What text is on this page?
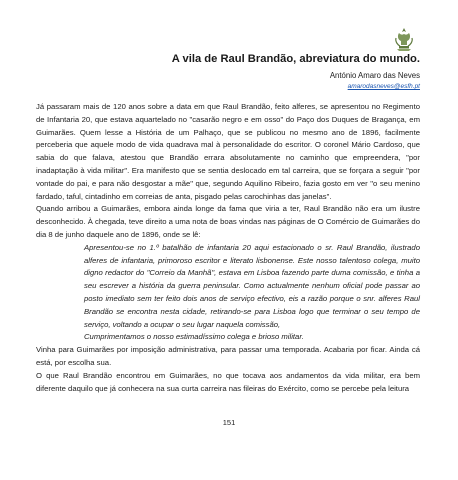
A vila de Raul Brandão, abreviatura do mundo.
António Amaro das Neves
amarodasneves@esfh.pt

Já passaram mais de 120 anos sobre a data em que Raul Brandão, feito alferes, se apresentou no Regimento de Infantaria 20, que estava aquartelado no "casarão negro e em osso" do Paço dos Duques de Bragança, em Guimarães. Quem lesse a História de um Palhaço, que se publicou no mesmo ano de 1896, facilmente perceberia que aquele modo de vida quadrava mal à personalidade do escritor. O coronel Mário Cardoso, que sabia do que falava, atestou que Brandão errara absolutamente no caminho que empreendera, "por inadaptação à vida militar". Era manifesto que se sentia deslocado em tal carreira, que se forçara a seguir "por vontade do pai, e para não desgostar a mãe" que, segundo Aquilino Ribeiro, fazia gosto em ver "o seu menino fardado, taful, cintadinho em correias de anta, pisgado pelas carochinhas das janelas".

Quando arribou a Guimarães, embora ainda longe da fama que viria a ter, Raul Brandão não era um ilustre desconhecido. À chegada, teve direito a uma nota de boas vindas nas páginas de O Comércio de Guimarães do dia 8 de junho daquele ano de 1896, onde se lê:

Apresentou-se no 1.º batalhão de infantaria 20 aqui estacionado o sr. Raul Brandão, ilustrado alferes de infantaria, primoroso escritor e literato lisbonense. Este nosso talentoso colega, muito digno redactor do "Correio da Manhã", estava em Lisboa fazendo parte duma comissão, e tinha a seu escrever a história da guerra peninsular. Como actualmente nenhum oficial pode passar ao posto imediato sem ter feito dois anos de serviço efectivo, eis a razão porque o snr. alferes Raul Brandão se encontra nesta cidade, retirando-se para Lisboa logo que terminar o seu tempo de serviço, voltando a ocupar o seu lugar naquela comissão,

Cumprimentamos o nosso estimadíssimo colega e brioso militar.

Vinha para Guimarães por imposição administrativa, para passar uma temporada. Acabaria por ficar. Ainda cá está, por escolha sua.

O que Raul Brandão encontrou em Guimarães, no que tocava aos andamentos da vida militar, era bem diferente daquilo que já conhecera na sua curta carreira nas fileiras do Exército, como se percebe pela leitura

151
